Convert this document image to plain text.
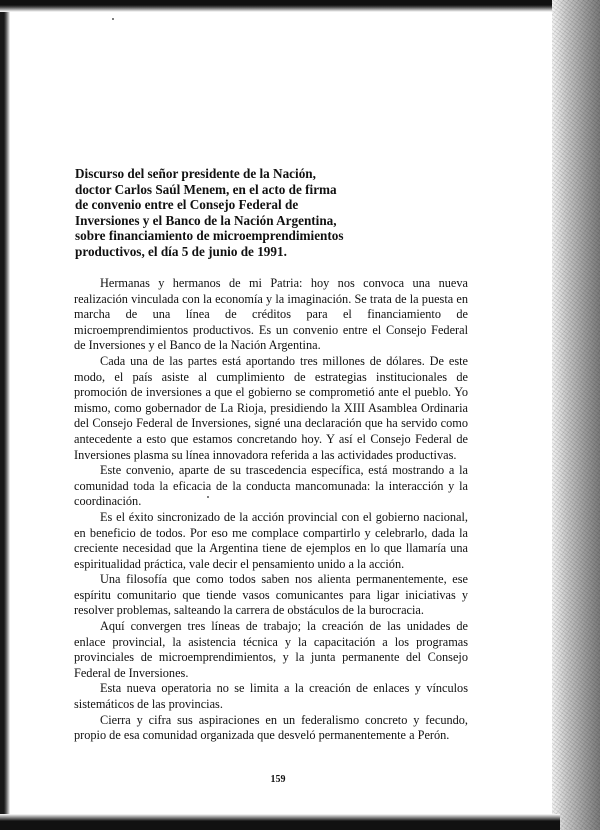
Discurso del señor presidente de la Nación,
doctor Carlos Saúl Menem, en el acto de firma
de convenio entre el Consejo Federal de
Inversiones y el Banco de la Nación Argentina,
sobre financiamiento de microemprendimientos
productivos, el día 5 de junio de 1991.

Hermanas y hermanos de mi Patria: hoy nos convoca una nueva realización vinculada con la economía y la imaginación. Se trata de la puesta en marcha de una línea de créditos para el financiamiento de microemprendimientos productivos. Es un convenio entre el Consejo Federal de Inversiones y el Banco de la Nación Argentina.

Cada una de las partes está aportando tres millones de dólares. De este modo, el país asiste al cumplimiento de estrategias institucionales de promoción de inversiones a que el gobierno se comprometió ante el pueblo. Yo mismo, como gobernador de La Rioja, presidiendo la XIII Asamblea Ordinaria del Consejo Federal de Inversiones, signé una declaración que ha servido como antecedente a esto que estamos concretando hoy. Y así el Consejo Federal de Inversiones plasma su línea innovadora referida a las actividades productivas.

Este convenio, aparte de su trascedencia específica, está mostrando a la comunidad toda la eficacia de la conducta mancomunada: la interacción y la coordinación.

Es el éxito sincronizado de la acción provincial con el gobierno nacional, en beneficio de todos. Por eso me complace compartirlo y celebrarlo, dada la creciente necesidad que la Argentina tiene de ejemplos en lo que llamaría una espiritualidad práctica, vale decir el pensamiento unido a la acción.

Una filosofía que como todos saben nos alienta permanentemente, ese espíritu comunitario que tiende vasos comunicantes para ligar iniciativas y resolver problemas, salteando la carrera de obstáculos de la burocracia.

Aquí convergen tres líneas de trabajo; la creación de las unidades de enlace provincial, la asistencia técnica y la capacitación a los programas provinciales de microemprendimientos, y la junta permanente del Consejo Federal de Inversiones.

Esta nueva operatoria no se limita a la creación de enlaces y vínculos sistemáticos de las provincias.

Cierra y cifra sus aspiraciones en un federalismo concreto y fecundo, propio de esa comunidad organizada que desveló permanentemente a Perón.

159
